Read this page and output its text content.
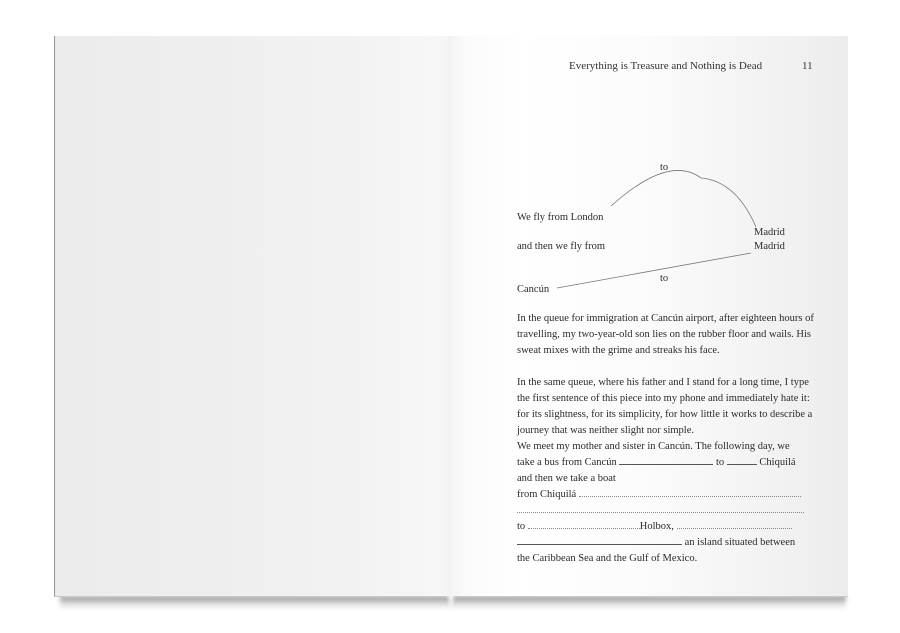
Everything is Treasure and Nothing is Dead	11
to
We fly from London
Madrid
and then we fly from	Madrid
to
Cancún

In the queue for immigration at Cancún airport, after eighteen hours of travelling, my two-year-old son lies on the rubber floor and wails. His sweat mixes with the grime and streaks his face.

In the same queue, where his father and I stand for a long time, I type the first sentence of this piece into my phone and immediately hate it: for its slightness, for its simplicity, for how little it works to describe a journey that was neither slight nor simple.

We meet my mother and sister in Cancún. The following day, we
take a bus from Cancún	to	Chiquilá
and then we take a boat
from Chiquilá
to	Holbox,
an island situated between
the Caribbean Sea and the Gulf of Mexico.
